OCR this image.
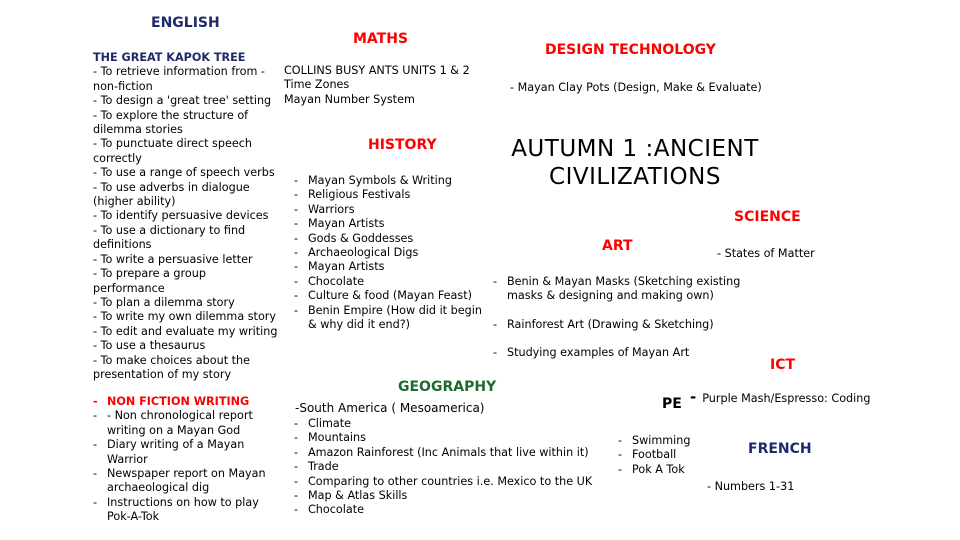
ENGLISH
THE GREAT KAPOK TREE
- To retrieve information from -
non-fiction
- To design a 'great tree' setting
- To explore the structure of
dilemma stories
- To punctuate direct speech
correctly
- To use a range of speech verbs
- To use adverbs in dialogue
(higher ability)
- To identify persuasive devices
- To use a dictionary to find
definitions
- To write a persuasive letter
- To prepare a group
performance
- To plan a dilemma story
- To write my own dilemma story
- To edit and evaluate my writing
- To use a thesaurus
- To make choices about the
presentation of my story
- NON FICTION WRITING
- - Non chronological report writing on a Mayan God
- Diary writing of a Mayan Warrior
- Newspaper report on Mayan archaeological dig
- Instructions on how to play Pok-A-Tok
MATHS
COLLINS BUSY ANTS UNITS 1 & 2
Time Zones
Mayan Number System
DESIGN TECHNOLOGY
- Mayan Clay Pots (Design, Make & Evaluate)
AUTUMN 1 :ANCIENT
CIVILIZATIONS
HISTORY
- Mayan Symbols & Writing
- Religious Festivals
- Warriors
- Mayan Artists
- Gods & Goddesses
- Archaeological Digs
- Mayan Artists
- Chocolate
- Culture & food (Mayan Feast)
- Benin Empire (How did it begin & why did it end?)
SCIENCE
- States of Matter
ART
- Benin & Mayan Masks (Sketching existing masks & designing and making own)
- Rainforest Art (Drawing & Sketching)
- Studying examples of Mayan Art
ICT
- Purple Mash/Espresso: Coding
GEOGRAPHY
-South America ( Mesoamerica)
- Climate
- Mountains
- Amazon Rainforest (Inc Animals that live within it)
- Trade
- Comparing to other countries i.e. Mexico to the UK
- Map & Atlas Skills
- Chocolate
PE
- Swimming
- Football
- Pok A Tok
FRENCH
- Numbers 1-31
